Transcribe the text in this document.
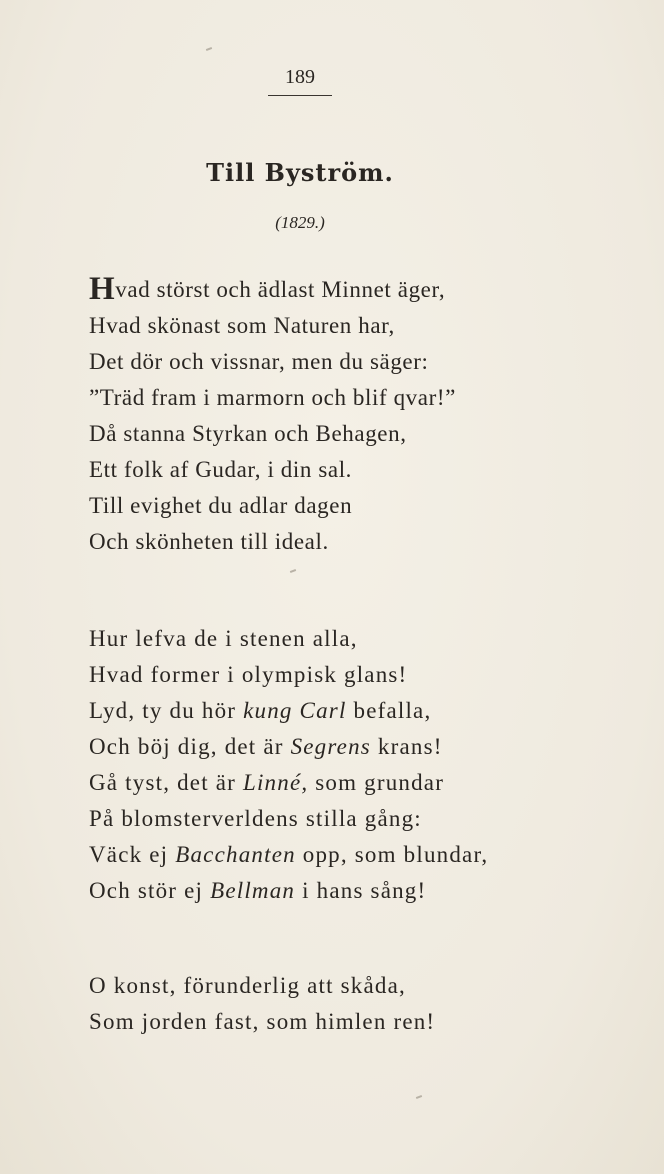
189
Till Byström.
(1829.)
Hvad störst och ädlast Minnet äger,
Hvad skönast som Naturen har,
Det dör och vissnar, men du säger:
”Träd fram i marmorn och blif qvar!”
Då stanna Styrkan och Behagen,
Ett folk af Gudar, i din sal.
Till evighet du adlar dagen
Och skönheten till ideal.
Hur lefva de i stenen alla,
Hvad former i olympisk glans!
Lyd, ty du hör kung Carl befalla,
Och böj dig, det är Segrens krans!
Gå tyst, det är Linné, som grundar
På blomsterverldens stilla gång:
Väck ej Bacchanten opp, som blundar,
Och stör ej Bellman i hans sång!
O konst, förunderlig att skåda,
Som jorden fast, som himlen ren!
